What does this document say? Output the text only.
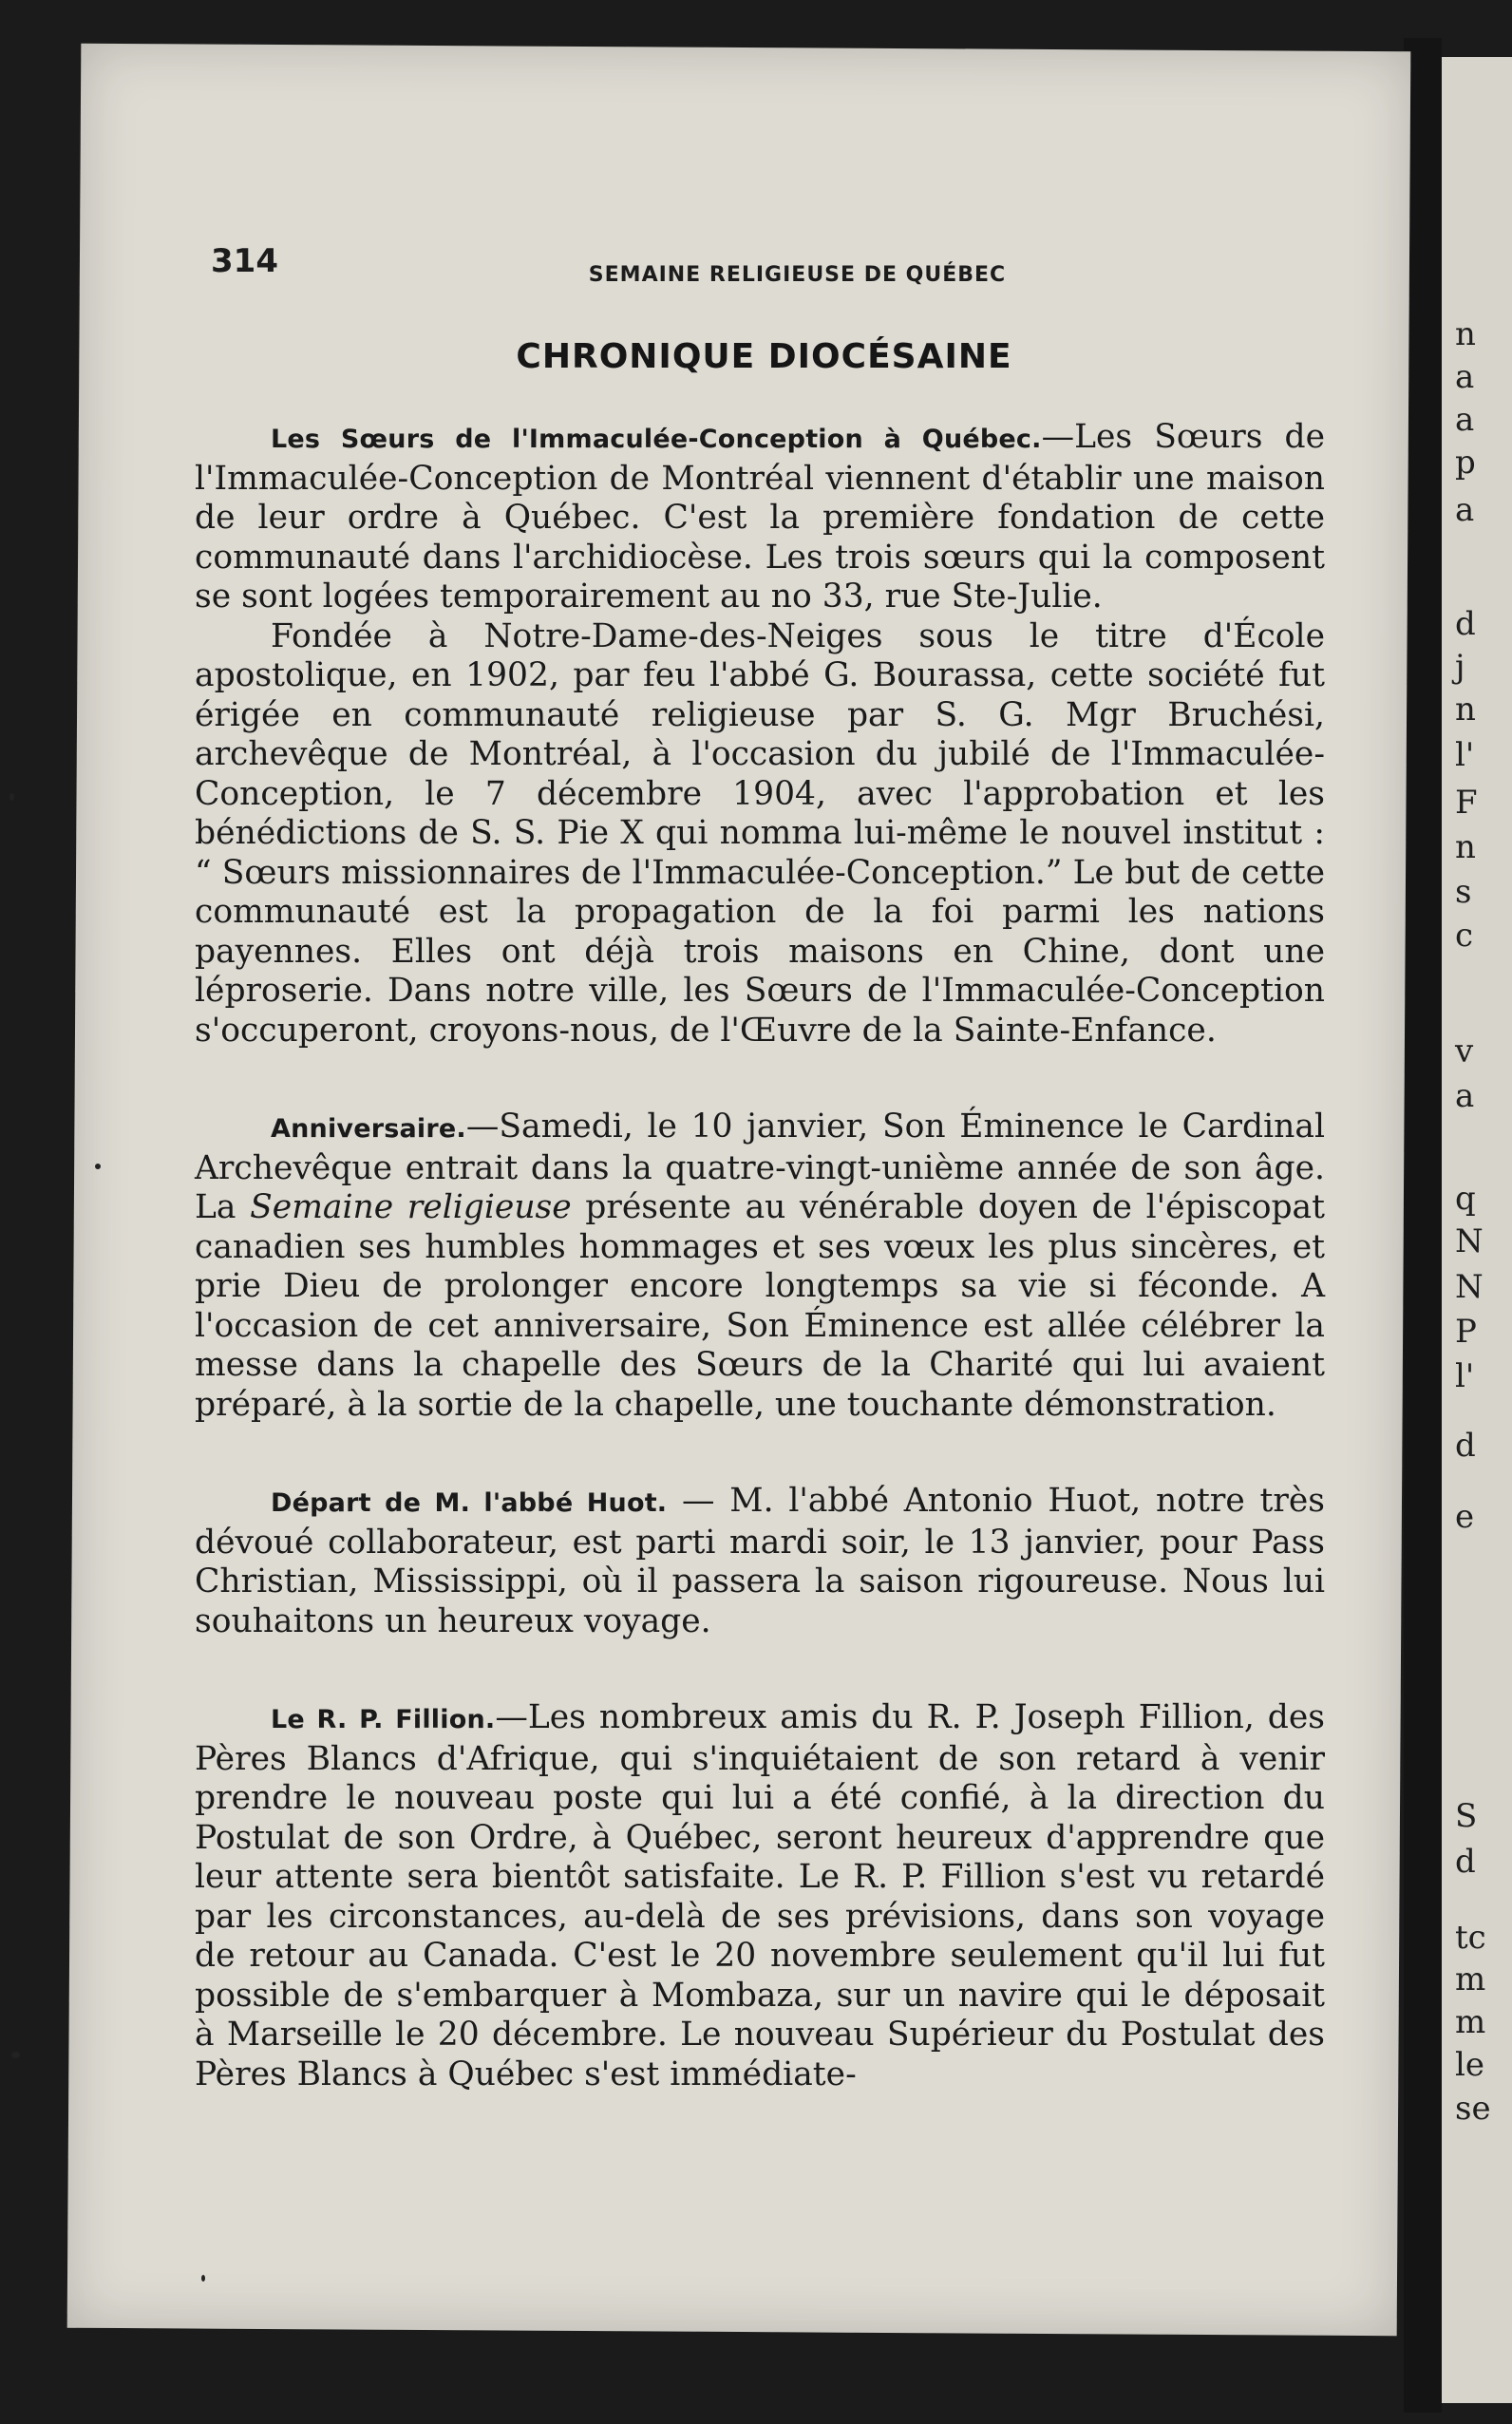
n
a
a
p
a
d
j
n
l'
F
n
s
c
v
a
q
N
N
P
l'
d
e
S
d
tc
m
m
le
se
314	SEMAINE RELIGIEUSE DE QUÉBEC
CHRONIQUE DIOCÉSAINE

Les Sœurs de l'Immaculée-Conception à Québec.—Les Sœurs de l'Immaculée-Conception de Montréal viennent d'établir une maison de leur ordre à Québec. C'est la première fondation de cette communauté dans l'archidiocèse. Les trois sœurs qui la composent se sont logées temporairement au no 33, rue Ste-Julie.

Fondée à Notre-Dame-des-Neiges sous le titre d'École apostolique, en 1902, par feu l'abbé G. Bourassa, cette société fut érigée en communauté religieuse par S. G. Mgr Bruchési, archevêque de Montréal, à l'occasion du jubilé de l'Immaculée-Conception, le 7 décembre 1904, avec l'approbation et les bénédictions de S. S. Pie X qui nomma lui-même le nouvel institut : “ Sœurs missionnaires de l'Immaculée-Conception.” Le but de cette communauté est la propagation de la foi parmi les nations payennes. Elles ont déjà trois maisons en Chine, dont une léproserie. Dans notre ville, les Sœurs de l'Immaculée-Conception s'occuperont, croyons-nous, de l'Œuvre de la Sainte-Enfance.

Anniversaire.—Samedi, le 10 janvier, Son Éminence le Cardinal Archevêque entrait dans la quatre-vingt-unième année de son âge. La Semaine religieuse présente au vénérable doyen de l'épiscopat canadien ses humbles hommages et ses vœux les plus sincères, et prie Dieu de prolonger encore longtemps sa vie si féconde. A l'occasion de cet anniversaire, Son Éminence est allée célébrer la messe dans la chapelle des Sœurs de la Charité qui lui avaient préparé, à la sortie de la chapelle, une touchante démonstration.

Départ de M. l'abbé Huot. — M. l'abbé Antonio Huot, notre très dévoué collaborateur, est parti mardi soir, le 13 janvier, pour Pass Christian, Mississippi, où il passera la saison rigoureuse. Nous lui souhaitons un heureux voyage.

Le R. P. Fillion.—Les nombreux amis du R. P. Joseph Fillion, des Pères Blancs d'Afrique, qui s'inquiétaient de son retard à venir prendre le nouveau poste qui lui a été confié, à la direction du Postulat de son Ordre, à Québec, seront heureux d'apprendre que leur attente sera bientôt satisfaite. Le R. P. Fillion s'est vu retardé par les circonstances, au-delà de ses prévisions, dans son voyage de retour au Canada. C'est le 20 novembre seulement qu'il lui fut possible de s'embarquer à Mombaza, sur un navire qui le déposait à Marseille le 20 décembre. Le nouveau Supérieur du Postulat des Pères Blancs à Québec s'est immédiate-
